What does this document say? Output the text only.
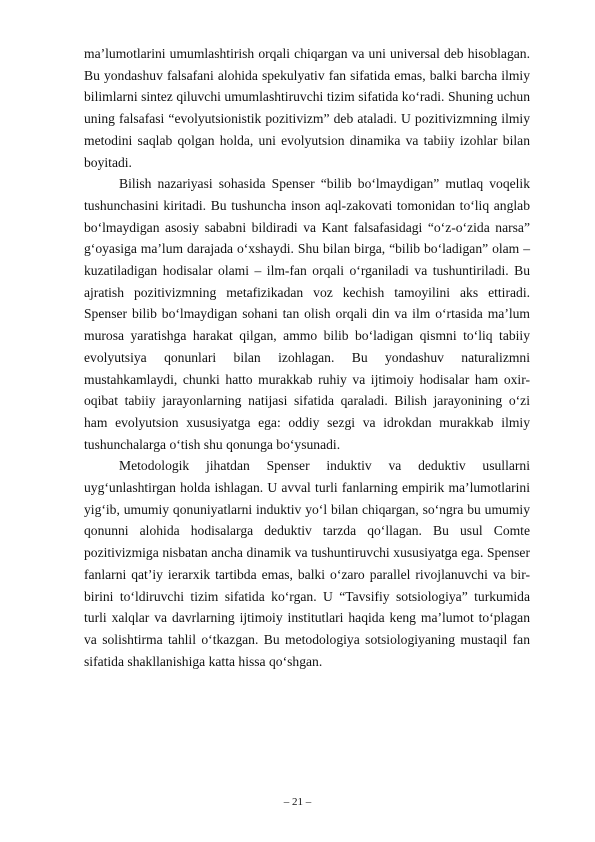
ma’lumotlarini umumlashtirish orqali chiqargan va uni universal deb hisoblagan. Bu yondashuv falsafani alohida spekulyativ fan sifatida emas, balki barcha ilmiy bilimlarni sintez qiluvchi umumlashtiruvchi tizim sifatida ko‘radi. Shuning uchun uning falsafasi “evolyutsionistik pozitivizm” deb ataladi. U pozitivizmning ilmiy metodini saqlab qolgan holda, uni evolyutsion dinamika va tabiiy izohlar bilan boyitadi.

Bilish nazariyasi sohasida Spenser “bilib bo‘lmaydigan” mutlaq voqelik tushunchasini kiritadi. Bu tushuncha inson aql-zakovati tomonidan to‘liq anglab bo‘lmaydigan asosiy sababni bildiradi va Kant falsafasidagi “o‘z-o‘zida narsa” g‘oyasiga ma’lum darajada o‘xshaydi. Shu bilan birga, “bilib bo‘ladigan” olam – kuzatiladigan hodisalar olami – ilm-fan orqali o‘rganiladi va tushuntiriladi. Bu ajratish pozitivizmning metafizikadan voz kechish tamoyilini aks ettiradi. Spenser bilib bo‘lmaydigan sohani tan olish orqali din va ilm o‘rtasida ma’lum murosa yaratishga harakat qilgan, ammo bilib bo‘ladigan qismni to‘liq tabiiy evolyutsiya qonunlari bilan izohlagan. Bu yondashuv naturalizmni mustahkamlaydi, chunki hatto murakkab ruhiy va ijtimoiy hodisalar ham oxir-oqibat tabiiy jarayonlarning natijasi sifatida qaraladi. Bilish jarayonining o‘zi ham evolyutsion xususiyatga ega: oddiy sezgi va idrokdan murakkab ilmiy tushunchalarga o‘tish shu qonunga bo‘ysunadi.

Metodologik jihatdan Spenser induktiv va deduktiv usullarni uyg‘unlashtirgan holda ishlagan. U avval turli fanlarning empirik ma’lumotlarini yig‘ib, umumiy qonuniyatlarni induktiv yo‘l bilan chiqargan, so‘ngra bu umumiy qonunni alohida hodisalarga deduktiv tarzda qo‘llagan. Bu usul Comte pozitivizmiga nisbatan ancha dinamik va tushuntiruvchi xususiyatga ega. Spenser fanlarni qat’iy ierarxik tartibda emas, balki o‘zaro parallel rivojlanuvchi va bir-birini to‘ldiruvchi tizim sifatida ko‘rgan. U “Tavsifiy sotsiologiya” turkumida turli xalqlar va davrlarning ijtimoiy institutlari haqida keng ma’lumot to‘plagan va solishtirma tahlil o‘tkazgan. Bu metodologiya sotsiologiyaning mustaqil fan sifatida shakllanishiga katta hissa qo‘shgan.

– 21 –
